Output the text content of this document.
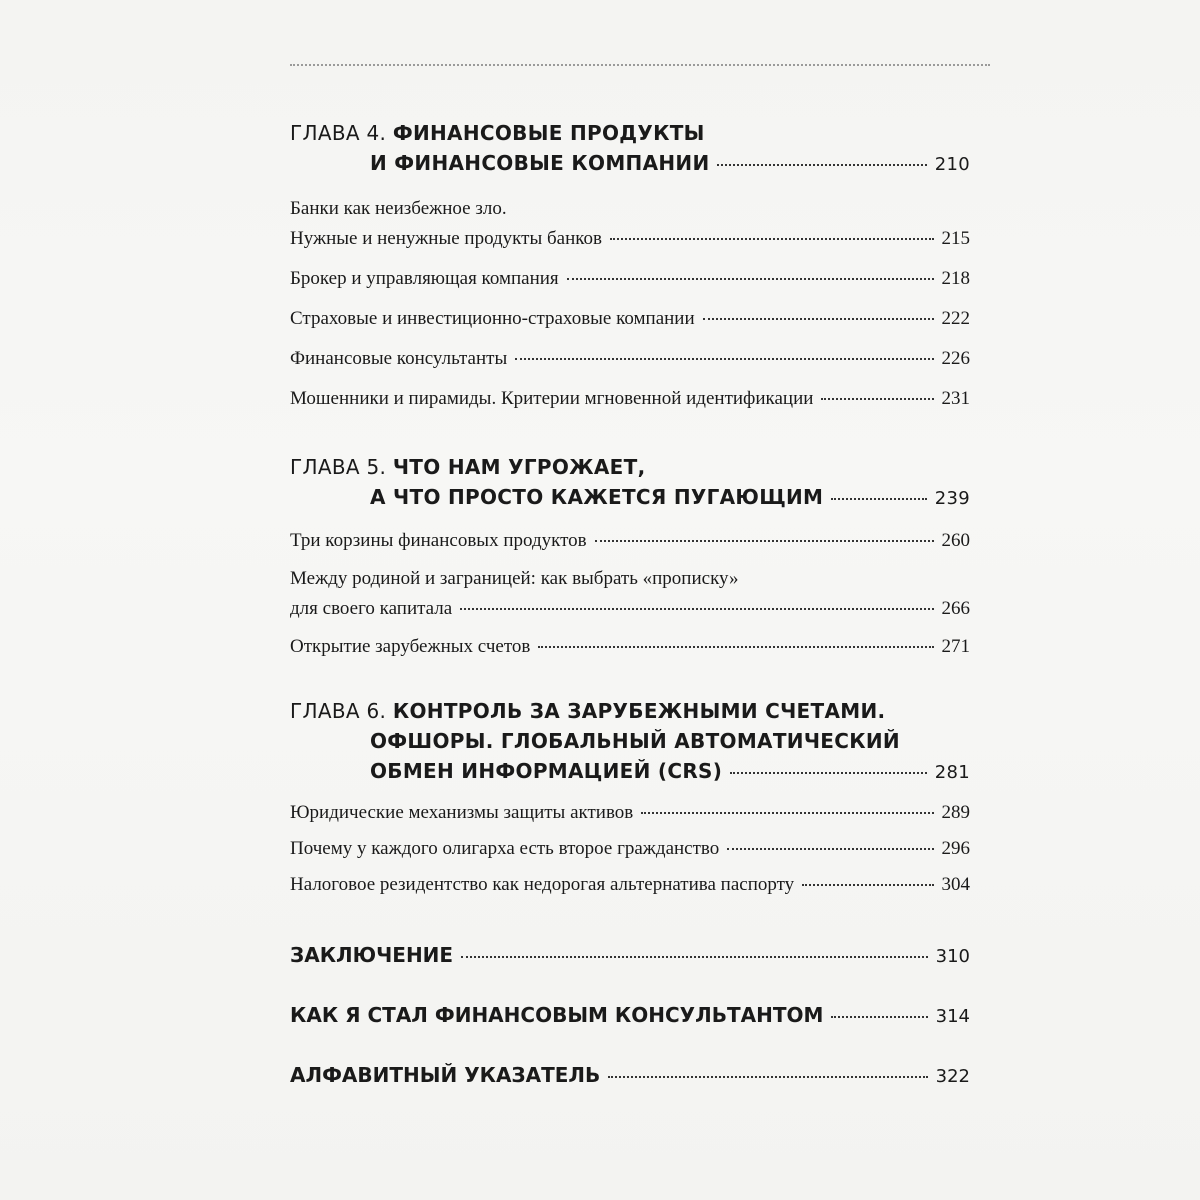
ГЛАВА 4. ФИНАНСОВЫЕ ПРОДУКТЫ
И ФИНАНСОВЫЕ КОМПАНИИ	210
Банки как неизбежное зло.
Нужные и ненужные продукты банков	215
Брокер и управляющая компания	218
Страховые и инвестиционно-страховые компании	222
Финансовые консультанты	226
Мошенники и пирамиды. Критерии мгновенной идентификации	231
ГЛАВА 5. ЧТО НАМ УГРОЖАЕТ,
А ЧТО ПРОСТО КАЖЕТСЯ ПУГАЮЩИМ	239
Три корзины финансовых продуктов	260
Между родиной и заграницей: как выбрать «прописку»
для своего капитала	266
Открытие зарубежных счетов	271
ГЛАВА 6. КОНТРОЛЬ ЗА ЗАРУБЕЖНЫМИ СЧЕТАМИ.
ОФШОРЫ. ГЛОБАЛЬНЫЙ АВТОМАТИЧЕСКИЙ
ОБМЕН ИНФОРМАЦИЕЙ (CRS)	281
Юридические механизмы защиты активов	289
Почему у каждого олигарха есть второе гражданство	296
Налоговое резидентство как недорогая альтернатива паспорту	304
ЗАКЛЮЧЕНИЕ	310
КАК Я СТАЛ ФИНАНСОВЫМ КОНСУЛЬТАНТОМ	314
АЛФАВИТНЫЙ УКАЗАТЕЛЬ	322
